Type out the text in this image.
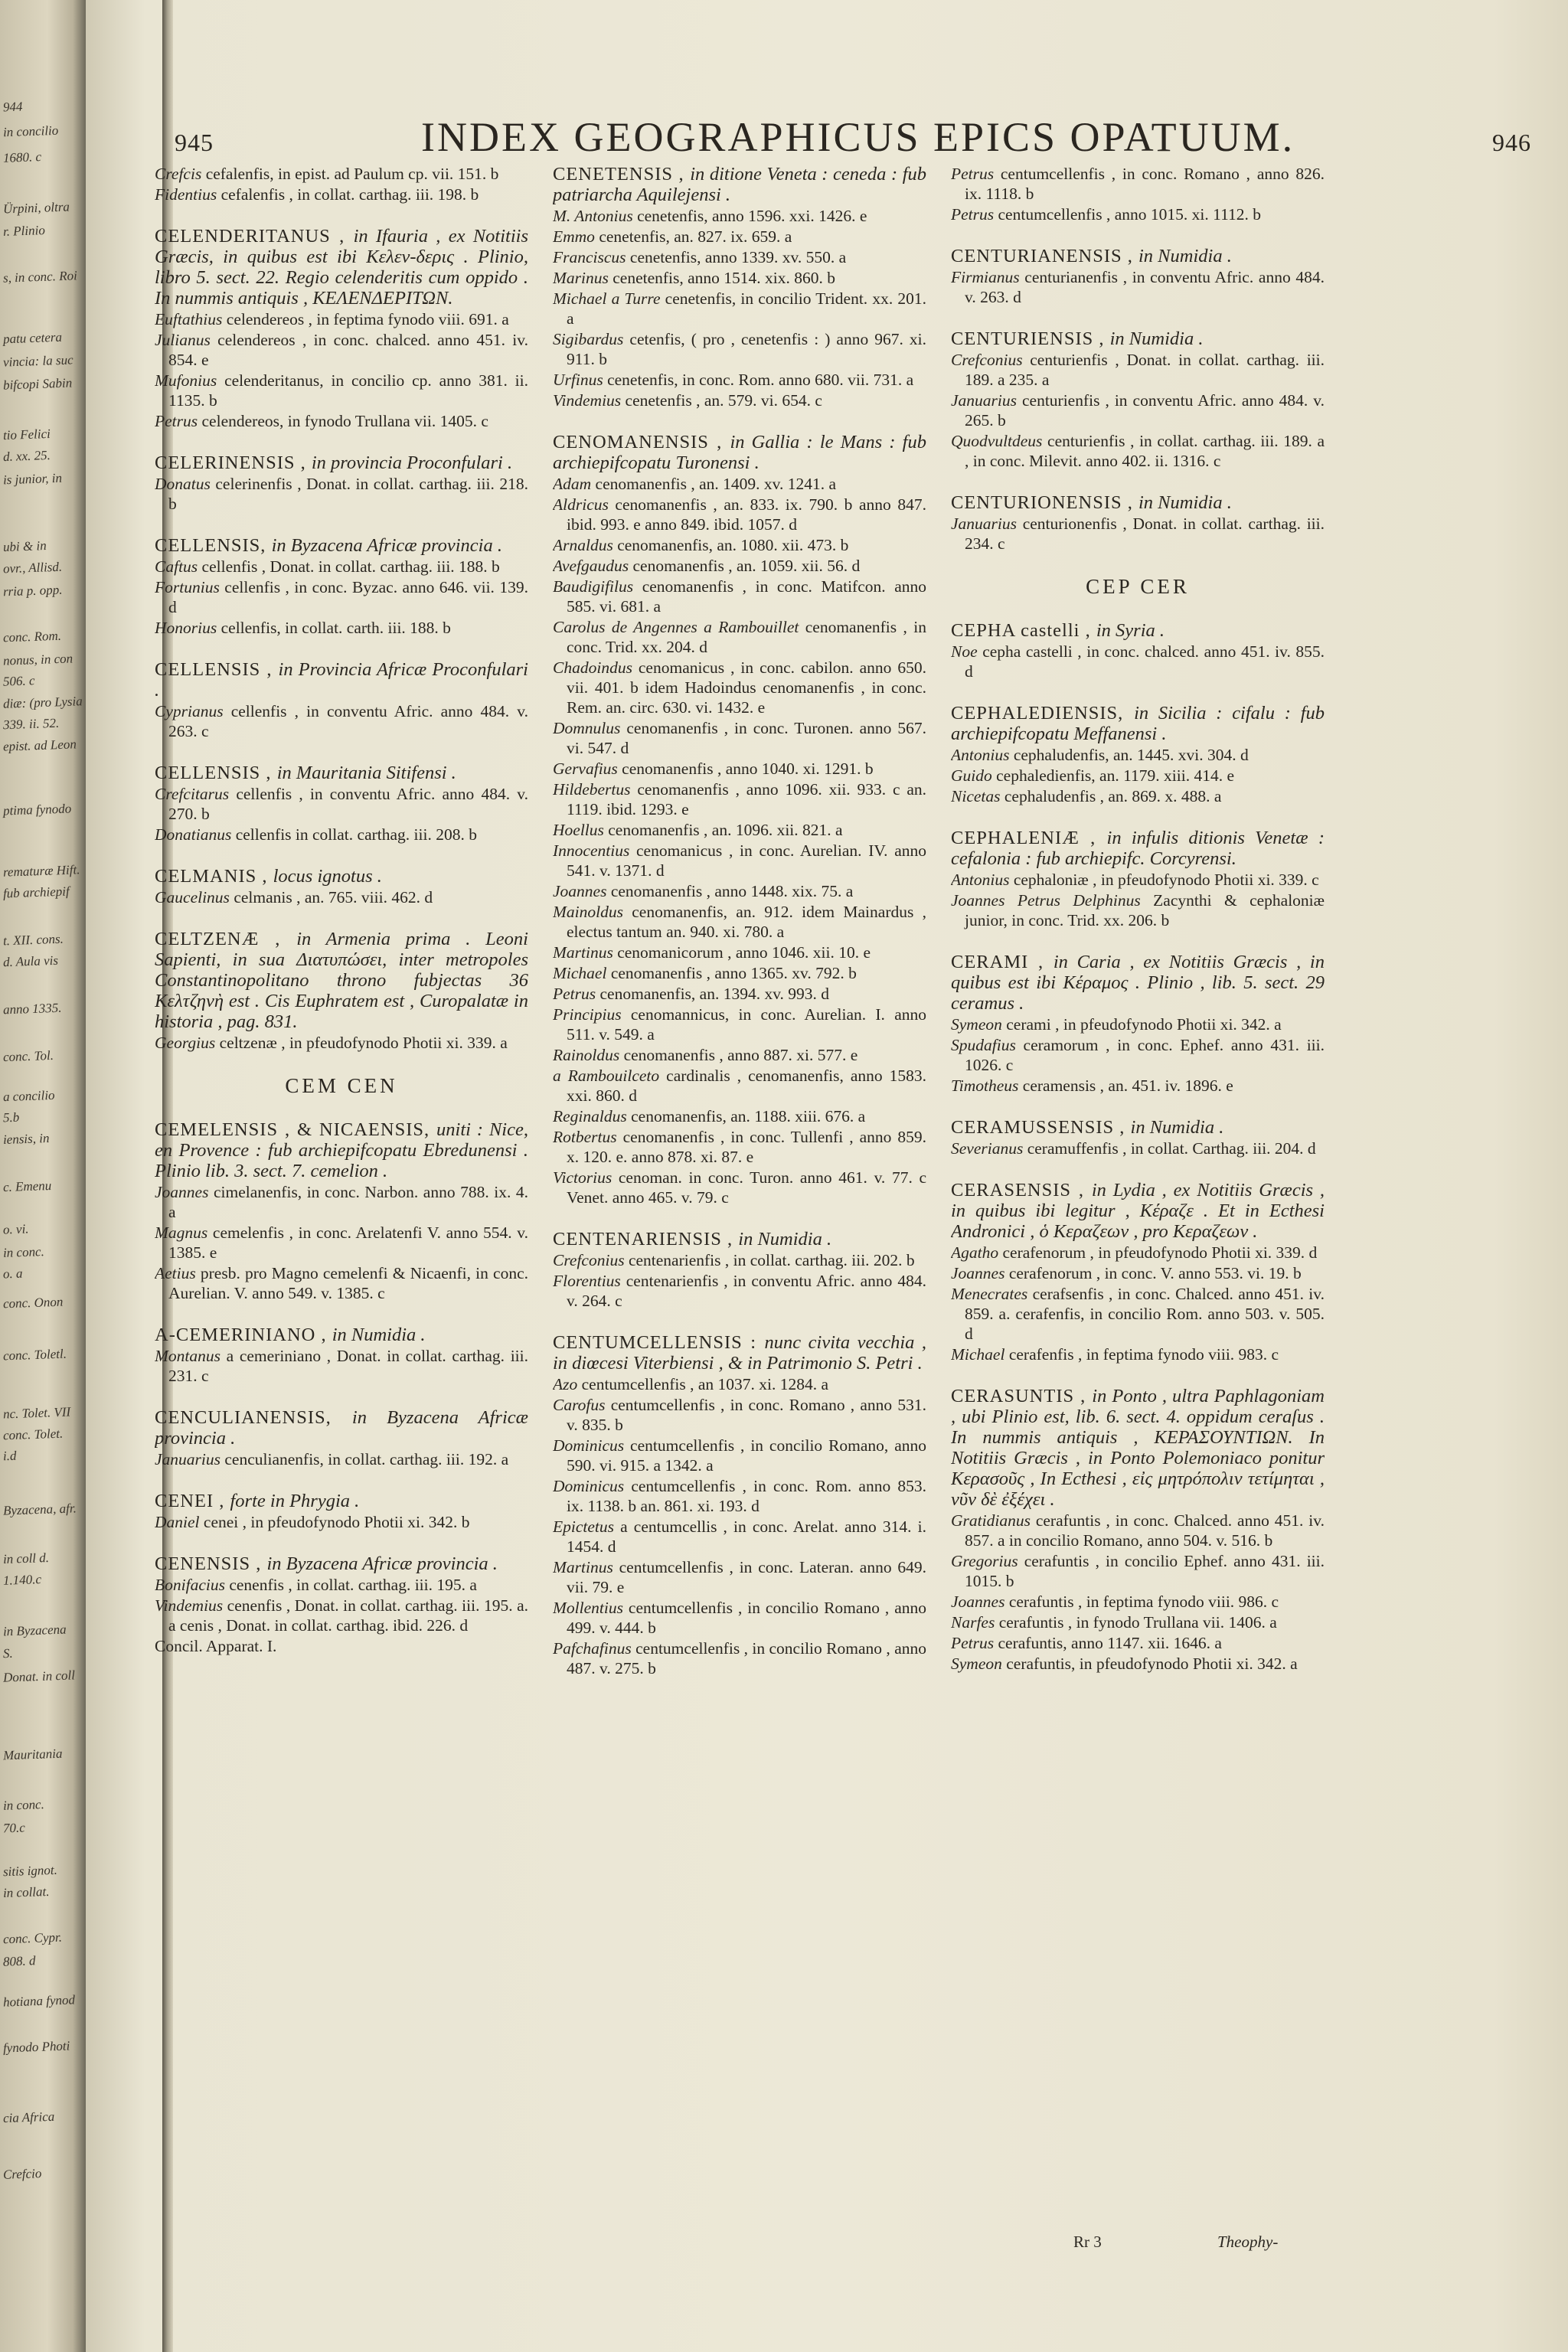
944
in concilio
1680. c
Ürpini, oltra
r. Plinio
s, in conc. Roi
patu cetera
vincia: la suc
bifcopi Sabin
tio Felici
d. xx. 25.
is junior, in
ubi & in
ovr., Allisd.
rria p. opp.
conc. Rom.
nonus, in con
506. c
diæ: (pro Lysia
339. ii. 52.
epist. ad Leon
ptima fynodo
rematuræ Hift.
fub archiepif
t. XII. cons.
d. Aula vis
anno 1335.
conc. Tol.
a concilio
5.b
iensis, in
c. Emenu
o. vi.
in conc.
o. a
conc. Onon
conc. Toletl.
nc. Tolet. VII
conc. Tolet.
i.d
Byzacena, afr.
in coll d.
1.140.c
in Byzacena
S.
Donat. in coll
Mauritania
in conc.
70.c
sitis ignot.
in collat.
conc. Cypr.
808. d
hotiana fynod
fynodo Photi
cia Africa
Crefcio
945	INDEX GEOGRAPHICUS EPICS OPATUUM.	946
Crefcis cefalenfis, in epist. ad Paulum cp. vii. 151. b
Fidentius cefalenfis , in collat. carthag. iii. 198. b
CELENDERITANUS , in Ifauria , ex Notitiis Græcis, in quibus est ibi Κελεν-δερις . Plinio, libro 5. sect. 22. Regio celenderitis cum oppido . In nummis antiquis , ΚΕΛΕΝΔΕΡΙΤΩΝ.
Euftathius celendereos , in feptima fynodo viii. 691. a
Julianus celendereos , in conc. chalced. anno 451. iv. 854. e
Mufonius celenderitanus, in concilio cp. anno 381. ii. 1135. b
Petrus celendereos, in fynodo Trullana vii. 1405. c
CELERINENSIS , in provincia Proconfulari .
Donatus celerinenfis , Donat. in collat. carthag. iii. 218. b
CELLENSIS, in Byzacena Africæ provincia .
Caftus cellenfis , Donat. in collat. carthag. iii. 188. b
Fortunius cellenfis , in conc. Byzac. anno 646. vii. 139. d
Honorius cellenfis, in collat. carth. iii. 188. b
CELLENSIS , in Provincia Africæ Proconfulari .
Cyprianus cellenfis , in conventu Afric. anno 484. v. 263. c
CELLENSIS , in Mauritania Sitifensi .
Crefcitarus cellenfis , in conventu Afric. anno 484. v. 270. b
Donatianus cellenfis in collat. carthag. iii. 208. b
CELMANIS , locus ignotus .
Gaucelinus celmanis , an. 765. viii. 462. d
CELTZENÆ , in Armenia prima . Leoni Sapienti, in sua Διατυπώσει, inter metropoles Constantinopolitano throno fubjectas 36 Κελτζηνὴ est . Cis Euphratem est , Curopalatæ in historia , pag. 831.
Georgius celtzenæ , in pfeudofynodo Photii xi. 339. a
CEM CEN
CEMELENSIS , & NICAENSIS, uniti : Nice, en Provence : fub archiepifcopatu Ebredunensi . Plinio lib. 3. sect. 7. cemelion .
Joannes cimelanenfis, in conc. Narbon. anno 788. ix. 4. a
Magnus cemelenfis , in conc. Arelatenfi V. anno 554. v. 1385. e
Aetius presb. pro Magno cemelenfi & Nicaenfi, in conc. Aurelian. V. anno 549. v. 1385. c
A-CEMERINIANO , in Numidia .
Montanus a cemeriniano , Donat. in collat. carthag. iii. 231. c
CENCULIANENSIS, in Byzacena Africæ provincia .
Januarius cenculianenfis, in collat. carthag. iii. 192. a
CENEI , forte in Phrygia .
Daniel cenei , in pfeudofynodo Photii xi. 342. b
CENENSIS , in Byzacena Africæ provincia .
Bonifacius cenenfis , in collat. carthag. iii. 195. a
Vindemius cenenfis , Donat. in collat. carthag. iii. 195. a. a cenis , Donat. in collat. carthag. ibid. 226. d
Concil. Apparat. I.
CENETENSIS , in ditione Veneta : ceneda : fub patriarcha Aquilejensi .
M. Antonius cenetenfis, anno 1596. xxi. 1426. e
Emmo cenetenfis, an. 827. ix. 659. a
Franciscus cenetenfis, anno 1339. xv. 550. a
Marinus cenetenfis, anno 1514. xix. 860. b
Michael a Turre cenetenfis, in concilio Trident. xx. 201. a
Sigibardus cetenfis, ( pro , cenetenfis : ) anno 967. xi. 911. b
Urfinus cenetenfis, in conc. Rom. anno 680. vii. 731. a
Vindemius cenetenfis , an. 579. vi. 654. c
CENOMANENSIS , in Gallia : le Mans : fub archiepifcopatu Turonensi .
Adam cenomanenfis , an. 1409. xv. 1241. a
Aldricus cenomanenfis , an. 833. ix. 790. b anno 847. ibid. 993. e anno 849. ibid. 1057. d
Arnaldus cenomanenfis, an. 1080. xii. 473. b
Avefgaudus cenomanenfis , an. 1059. xii. 56. d
Baudigifilus cenomanenfis , in conc. Matifcon. anno 585. vi. 681. a
Carolus de Angennes a Rambouillet cenomanenfis , in conc. Trid. xx. 204. d
Chadoindus cenomanicus , in conc. cabilon. anno 650. vii. 401. b idem Hadoindus cenomanenfis , in conc. Rem. an. circ. 630. vi. 1432. e
Domnulus cenomanenfis , in conc. Turonen. anno 567. vi. 547. d
Gervafius cenomanenfis , anno 1040. xi. 1291. b
Hildebertus cenomanenfis , anno 1096. xii. 933. c an. 1119. ibid. 1293. e
Hoellus cenomanenfis , an. 1096. xii. 821. a
Innocentius cenomanicus , in conc. Aurelian. IV. anno 541. v. 1371. d
Joannes cenomanenfis , anno 1448. xix. 75. a
Mainoldus cenomanenfis, an. 912. idem Mainardus , electus tantum an. 940. xi. 780. a
Martinus cenomanicorum , anno 1046. xii. 10. e
Michael cenomanenfis , anno 1365. xv. 792. b
Petrus cenomanenfis, an. 1394. xv. 993. d
Principius cenomannicus, in conc. Aurelian. I. anno 511. v. 549. a
Rainoldus cenomanenfis , anno 887. xi. 577. e
a Rambouilceto cardinalis , cenomanenfis, anno 1583. xxi. 860. d
Reginaldus cenomanenfis, an. 1188. xiii. 676. a
Rotbertus cenomanenfis , in conc. Tullenfi , anno 859. x. 120. e. anno 878. xi. 87. e
Victorius cenoman. in conc. Turon. anno 461. v. 77. c Venet. anno 465. v. 79. c
CENTENARIENSIS , in Numidia .
Crefconius centenarienfis , in collat. carthag. iii. 202. b
Florentius centenarienfis , in conventu Afric. anno 484. v. 264. c
CENTUMCELLENSIS : nunc civita vecchia , in diœcesi Viterbiensi , & in Patrimonio S. Petri .
Azo centumcellenfis , an 1037. xi. 1284. a
Carofus centumcellenfis , in conc. Romano , anno 531. v. 835. b
Dominicus centumcellenfis , in concilio Romano, anno 590. vi. 915. a 1342. a
Dominicus centumcellenfis , in conc. Rom. anno 853. ix. 1138. b an. 861. xi. 193. d
Epictetus a centumcellis , in conc. Arelat. anno 314. i. 1454. d
Martinus centumcellenfis , in conc. Lateran. anno 649. vii. 79. e
Mollentius centumcellenfis , in concilio Romano , anno 499. v. 444. b
Pafchafinus centumcellenfis , in concilio Romano , anno 487. v. 275. b
Petrus centumcellenfis , in conc. Romano , anno 826. ix. 1118. b
Petrus centumcellenfis , anno 1015. xi. 1112. b
CENTURIANENSIS , in Numidia .
Firmianus centurianenfis , in conventu Afric. anno 484. v. 263. d
CENTURIENSIS , in Numidia .
Crefconius centurienfis , Donat. in collat. carthag. iii. 189. a 235. a
Januarius centurienfis , in conventu Afric. anno 484. v. 265. b
Quodvultdeus centurienfis , in collat. carthag. iii. 189. a , in conc. Milevit. anno 402. ii. 1316. c
CENTURIONENSIS , in Numidia .
Januarius centurionenfis , Donat. in collat. carthag. iii. 234. c
CEP CER
CEPHA castelli , in Syria .
Noe cepha castelli , in conc. chalced. anno 451. iv. 855. d
CEPHALEDIENSIS, in Sicilia : cifalu : fub archiepifcopatu Meffanensi .
Antonius cephaludenfis, an. 1445. xvi. 304. d
Guido cephaledienfis, an. 1179. xiii. 414. e
Nicetas cephaludenfis , an. 869. x. 488. a
CEPHALENIÆ , in infulis ditionis Venetæ : cefalonia : fub archiepifc. Corcyrensi.
Antonius cephaloniæ , in pfeudofynodo Photii xi. 339. c
Joannes Petrus Delphinus Zacynthi & cephaloniæ junior, in conc. Trid. xx. 206. b
CERAMI , in Caria , ex Notitiis Græcis , in quibus est ibi Κέραμος . Plinio , lib. 5. sect. 29 ceramus .
Symeon cerami , in pfeudofynodo Photii xi. 342. a
Spudafius ceramorum , in conc. Ephef. anno 431. iii. 1026. c
Timotheus ceramensis , an. 451. iv. 1896. e
CERAMUSSENSIS , in Numidia .
Severianus ceramuffenfis , in collat. Carthag. iii. 204. d
CERASENSIS , in Lydia , ex Notitiis Græcis , in quibus ibi legitur , Κέραζε . Et in Ecthesi Andronici , ὁ Κεραζεων , pro Κεραζεων .
Agatho cerafenorum , in pfeudofynodo Photii xi. 339. d
Joannes cerafenorum , in conc. V. anno 553. vi. 19. b
Menecrates cerafsenfis , in conc. Chalced. anno 451. iv. 859. a. cerafenfis, in concilio Rom. anno 503. v. 505. d
Michael cerafenfis , in feptima fynodo viii. 983. c
CERASUNTIS , in Ponto , ultra Paphlagoniam , ubi Plinio est, lib. 6. sect. 4. oppidum ceraſus . In nummis antiquis , ΚΕΡΑΣΟΥΝΤΙΩΝ. In Notitiis Græcis , in Ponto Polemoniaco ponitur Κερασοῦς , In Ecthesi , εἰς μητρόπολιν τετίμηται , νῦν δὲ ἐξέχει .
Gratidianus cerafuntis , in conc. Chalced. anno 451. iv. 857. a in concilio Romano, anno 504. v. 516. b
Gregorius cerafuntis , in concilio Ephef. anno 431. iii. 1015. b
Joannes cerafuntis , in feptima fynodo viii. 986. c
Narfes cerafuntis , in fynodo Trullana vii. 1406. a
Petrus cerafuntis, anno 1147. xii. 1646. a
Symeon cerafuntis, in pfeudofynodo Photii xi. 342. a
Rr 3	Theophy-
